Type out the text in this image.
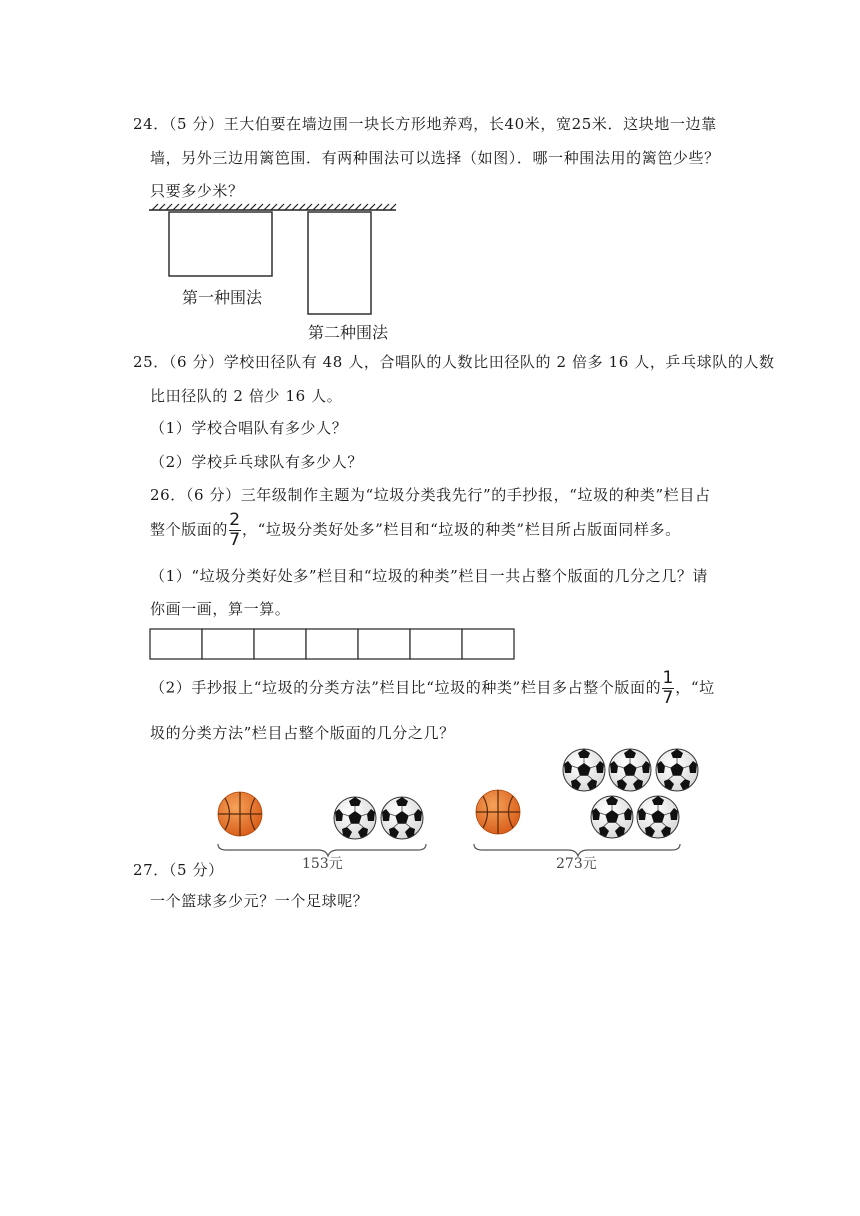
24．（5 分）王大伯要在墙边围一块长方形地养鸡，长40米，宽25米．这块地一边靠
墙，另外三边用篱笆围．有两种围法可以选择（如图）．哪一种围法用的篱笆少些？
只要多少米？
第一种围法
第二种围法
25．（6 分）学校田径队有 48 人，合唱队的人数比田径队的 2 倍多 16 人，乒乓球队的人数
比田径队的 2 倍少 16 人。
（1）学校合唱队有多少人？
（2）学校乒乓球队有多少人？
26．（6 分）三年级制作主题为“垃圾分类我先行”的手抄报，“垃圾的种类”栏目占
整个版面的 $\frac{2}{7}$ ，“垃圾分类好处多”栏目和“垃圾的种类”栏目所占版面同样多。
（1）“垃圾分类好处多”栏目和“垃圾的种类”栏目一共占整个版面的几分之几？请
你画一画，算一算。
（2）手抄报上“垃圾的分类方法”栏目比“垃圾的种类”栏目多占整个版面的 $\frac{1}{7}$ ，“垃
圾的分类方法”栏目占整个版面的几分之几？
153元	273元
27．（5 分）
一个篮球多少元？一个足球呢？
